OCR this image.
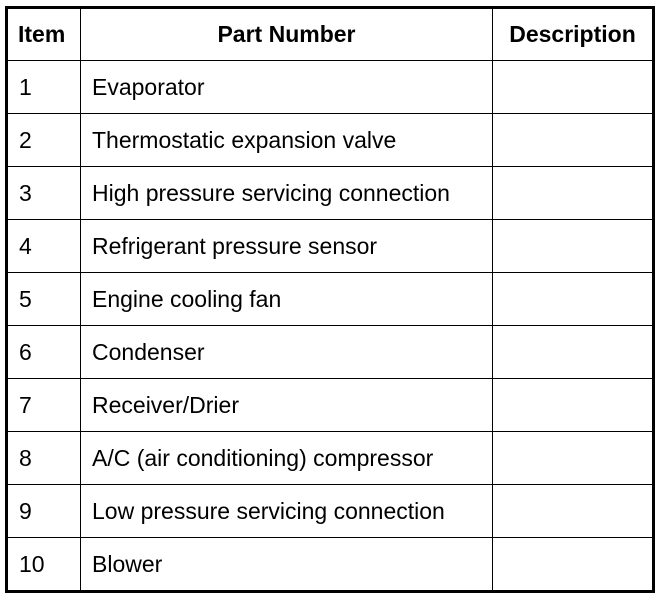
Item	Part Number	Description
1	Evaporator	
2	Thermostatic expansion valve	
3	High pressure servicing connection	
4	Refrigerant pressure sensor	
5	Engine cooling fan	
6	Condenser	
7	Receiver/Drier	
8	A/C (air conditioning) compressor	
9	Low pressure servicing connection	
10	Blower	
